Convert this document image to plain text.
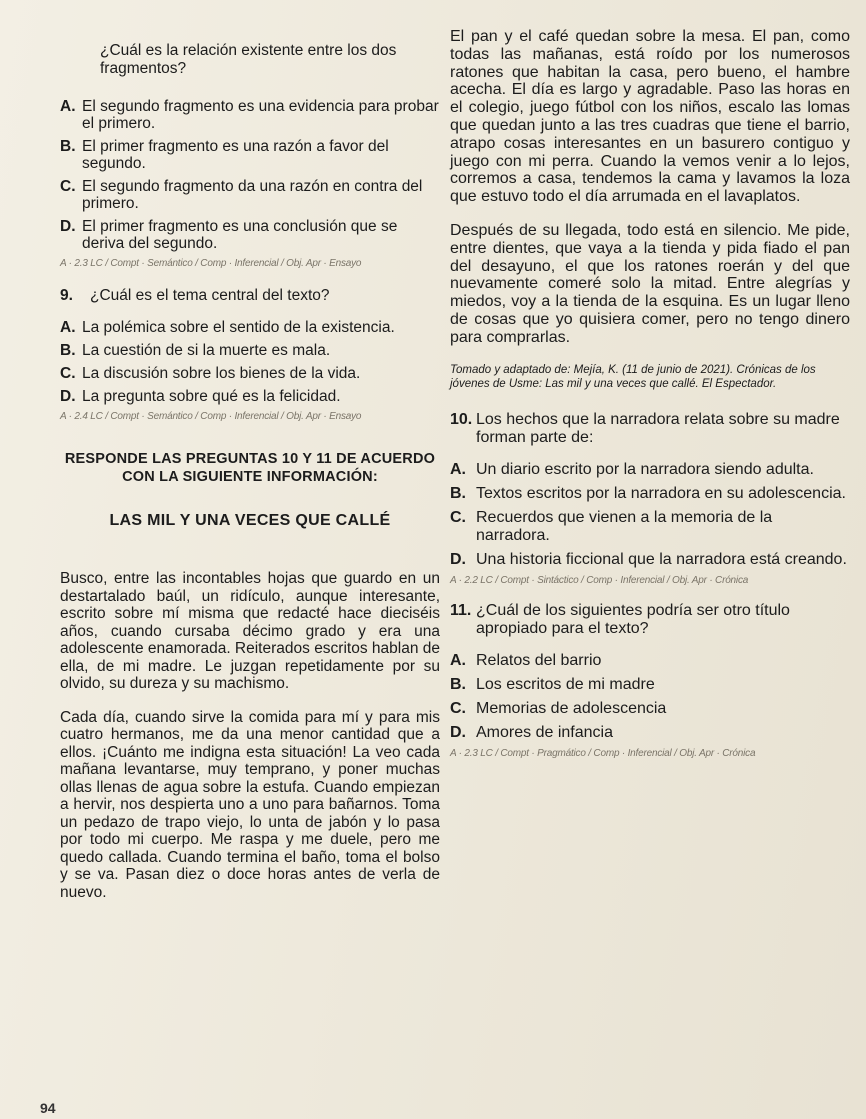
¿Cuál es la relación existente entre los dos fragmentos?

A. El segundo fragmento es una evidencia para probar el primero.
B. El primer fragmento es una razón a favor del segundo.
C. El segundo fragmento da una razón en contra del primero.
D. El primer fragmento es una conclusión que se deriva del segundo.
A · 2.3 LC / Compt · Semántico / Comp · Inferencial / Obj. Apr · Ensayo
9.	¿Cuál es el tema central del texto?
A. La polémica sobre el sentido de la existencia.
B. La cuestión de si la muerte es mala.
C. La discusión sobre los bienes de la vida.
D. La pregunta sobre qué es la felicidad.
A · 2.4 LC / Compt · Semántico / Comp · Inferencial / Obj. Apr · Ensayo
RESPONDE LAS PREGUNTAS 10 Y 11 DE ACUERDO CON LA SIGUIENTE INFORMACIÓN:
LAS MIL Y UNA VECES QUE CALLÉ

Busco, entre las incontables hojas que guardo en un destartalado baúl, un ridículo, aunque interesante, escrito sobre mí misma que redacté hace dieciséis años, cuando cursaba décimo grado y era una adolescente enamorada. Reiterados escritos hablan de ella, de mi madre. Le juzgan repetidamente por su olvido, su dureza y su machismo.

Cada día, cuando sirve la comida para mí y para mis cuatro hermanos, me da una menor cantidad que a ellos. ¡Cuánto me indigna esta situación! La veo cada mañana levantarse, muy temprano, y poner muchas ollas llenas de agua sobre la estufa. Cuando empiezan a hervir, nos despierta uno a uno para bañarnos. Toma un pedazo de trapo viejo, lo unta de jabón y lo pasa por todo mi cuerpo. Me raspa y me duele, pero me quedo callada. Cuando termina el baño, toma el bolso y se va. Pasan diez o doce horas antes de verla de nuevo.

94

El pan y el café quedan sobre la mesa. El pan, como todas las mañanas, está roído por los numerosos ratones que habitan la casa, pero bueno, el hambre acecha. El día es largo y agradable. Paso las horas en el colegio, juego fútbol con los niños, escalo las lomas que quedan junto a las tres cuadras que tiene el barrio, atrapo cosas interesantes en un basurero contiguo y juego con mi perra. Cuando la vemos venir a lo lejos, corremos a casa, tendemos la cama y lavamos la loza que estuvo todo el día arrumada en el lavaplatos.

Después de su llegada, todo está en silencio. Me pide, entre dientes, que vaya a la tienda y pida fiado el pan del desayuno, el que los ratones roerán y del que nuevamente comeré solo la mitad. Entre alegrías y miedos, voy a la tienda de la esquina. Es un lugar lleno de cosas que yo quisiera comer, pero no tengo dinero para comprarlas.

Tomado y adaptado de: Mejía, K. (11 de junio de 2021). Crónicas de los jóvenes de Usme: Las mil y una veces que callé. El Espectador.
10. Los hechos que la narradora relata sobre su madre forman parte de:
A. Un diario escrito por la narradora siendo adulta.
B. Textos escritos por la narradora en su adolescencia.
C. Recuerdos que vienen a la memoria de la narradora.
D. Una historia ficcional que la narradora está creando.
A · 2.2 LC / Compt · Sintáctico / Comp · Inferencial / Obj. Apr · Crónica
11. ¿Cuál de los siguientes podría ser otro título apropiado para el texto?
A. Relatos del barrio
B. Los escritos de mi madre
C. Memorias de adolescencia
D. Amores de infancia
A · 2.3 LC / Compt · Pragmático / Comp · Inferencial / Obj. Apr · Crónica
